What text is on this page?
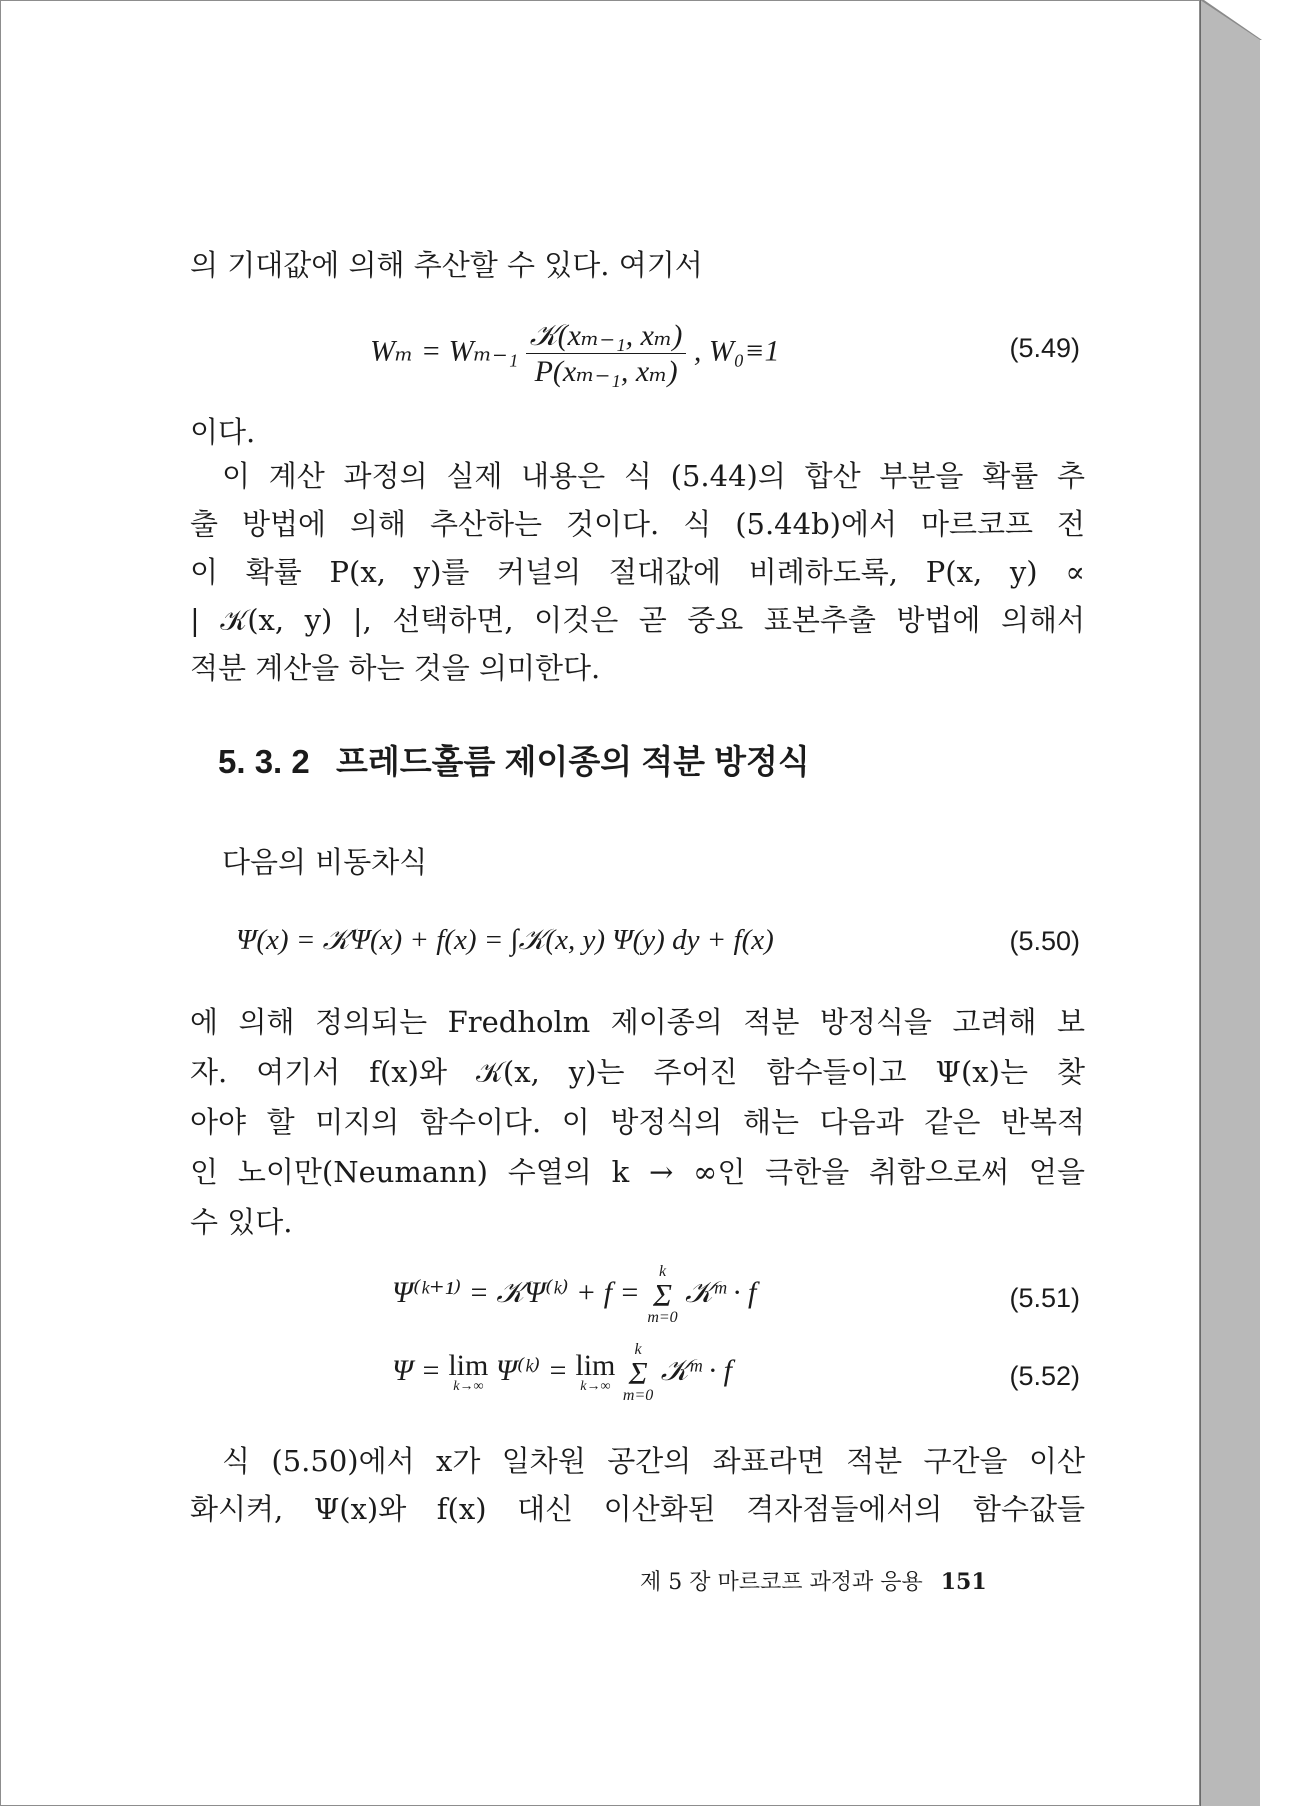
의 기대값에 의해 추산할 수 있다. 여기서
$W_m = W_{m-1} \frac{\text{𝒦(xₘ₋₁, xₘ)}}{\text{P(xₘ₋₁, xₘ)}}$ , W₀≡1	(5.49)
이다.
이 계산 과정의 실제 내용은 식 (5.44)의 합산 부분을 확률 추
출 방법에 의해 추산하는 것이다. 식 (5.44b)에서 마르코프 전
이 확률 P(x, y)를 커널의 절대값에 비례하도록, P(x, y) ∝
| 𝒦(x, y) |, 선택하면, 이것은 곧 중요 표본추출 방법에 의해서
적분 계산을 하는 것을 의미한다.
5. 3. 2 프레드홀름 제이종의 적분 방정식
다음의 비동차식
Ψ(x) = 𝒦Ψ(x) + f(x) = ∫𝒦(x, y) Ψ(y) dy + f(x)	(5.50)
에 의해 정의되는 Fredholm 제이종의 적분 방정식을 고려해 보
자. 여기서 f(x)와 𝒦(x, y)는 주어진 함수들이고 Ψ(x)는 찾
아야 할 미지의 함수이다. 이 방정식의 해는 다음과 같은 반복적
인 노이만(Neumann) 수열의 k → ∞인 극한을 취함으로써 얻을
수 있다.
Ψ⁽ᵏ⁺¹⁾ = 𝒦Ψ⁽ᵏ⁾ + f = k
Σ
m=0 𝒦ᵐ · f	(5.51)
Ψ = lim
k→∞ Ψ⁽ᵏ⁾ = lim
k→∞
k
Σ
m=0 𝒦ᵐ · f	(5.52)
식 (5.50)에서 x가 일차원 공간의 좌표라면 적분 구간을 이산
화시켜, Ψ(x)와 f(x) 대신 이산화된 격자점들에서의 함수값들
제 5 장 마르코프 과정과 응용 151
